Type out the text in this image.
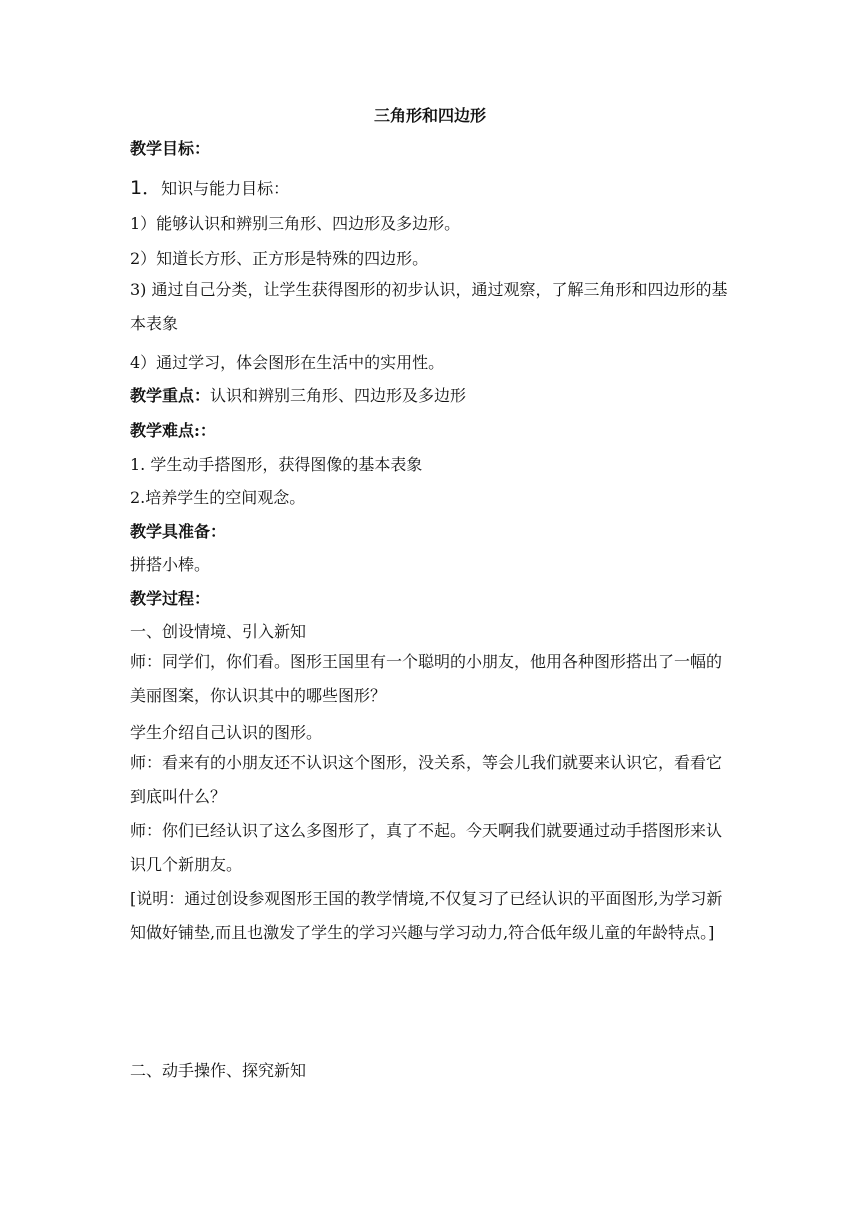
三角形和四边形
教学目标：
1．知识与能力目标：
1）能够认识和辨别三角形、四边形及多边形。
2）知道长方形、正方形是特殊的四边形。
3) 通过自己分类，让学生获得图形的初步认识，通过观察，了解三角形和四边形的基本表象
4）通过学习，体会图形在生活中的实用性。
教学重点：认识和辨别三角形、四边形及多边形
教学难点:：
1. 学生动手搭图形，获得图像的基本表象
2.培养学生的空间观念。
教学具准备：
拼搭小棒。
教学过程：
一、创设情境、引入新知
师：同学们，你们看。图形王国里有一个聪明的小朋友，他用各种图形搭出了一幅的美丽图案，你认识其中的哪些图形？
学生介绍自己认识的图形。
师：看来有的小朋友还不认识这个图形，没关系，等会儿我们就要来认识它，看看它到底叫什么？
师：你们已经认识了这么多图形了，真了不起。今天啊我们就要通过动手搭图形来认识几个新朋友。
[说明：通过创设参观图形王国的教学情境,不仅复习了已经认识的平面图形,为学习新知做好铺垫,而且也激发了学生的学习兴趣与学习动力,符合低年级儿童的年龄特点。]
二、动手操作、探究新知
